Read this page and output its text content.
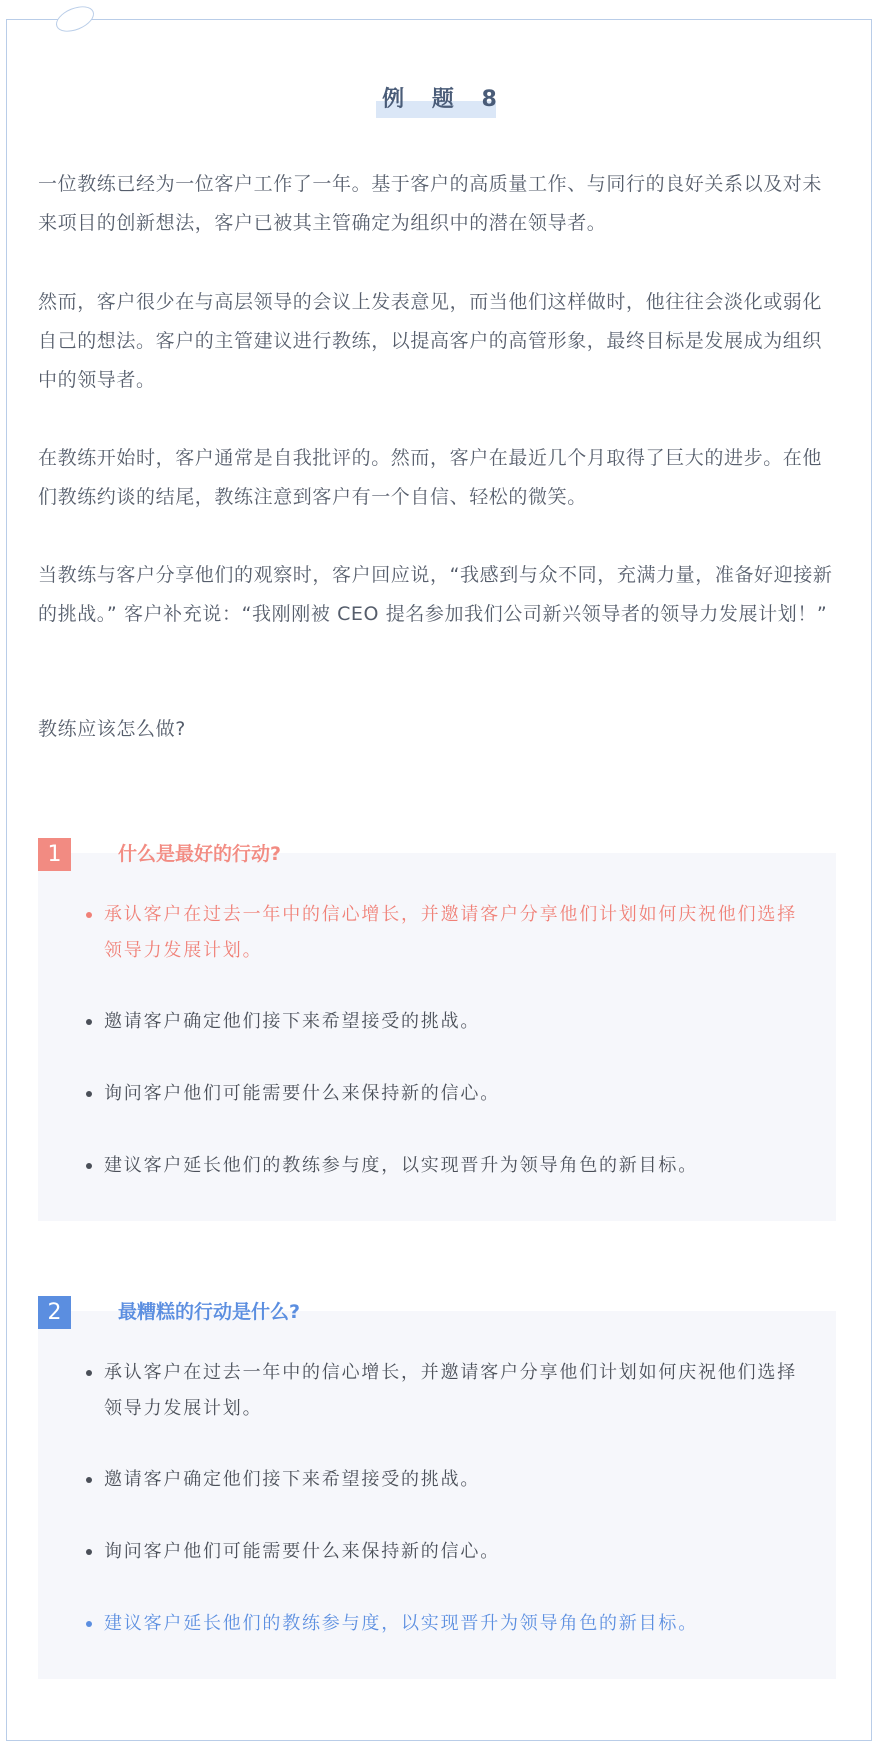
例 题 8

一位教练已经为一位客户工作了一年。基于客户的高质量工作、与同行的良好关系以及对未来项目的创新想法，客户已被其主管确定为组织中的潜在领导者。

然而，客户很少在与高层领导的会议上发表意见，而当他们这样做时，他往往会淡化或弱化自己的想法。客户的主管建议进行教练，以提高客户的高管形象，最终目标是发展成为组织中的领导者。

在教练开始时，客户通常是自我批评的。然而，客户在最近几个月取得了巨大的进步。在他们教练约谈的结尾，教练注意到客户有一个自信、轻松的微笑。

当教练与客户分享他们的观察时，客户回应说，“我感到与众不同，充满力量，准备好迎接新的挑战。” 客户补充说：“我刚刚被 CEO 提名参加我们公司新兴领导者的领导力发展计划！”

教练应该怎么做?

1	什么是最好的行动?
承认客户在过去一年中的信心增长，并邀请客户分享他们计划如何庆祝他们选择领导力发展计划。
邀请客户确定他们接下来希望接受的挑战。
询问客户他们可能需要什么来保持新的信心。
建议客户延长他们的教练参与度，以实现晋升为领导角色的新目标。
2	最糟糕的行动是什么?
承认客户在过去一年中的信心增长，并邀请客户分享他们计划如何庆祝他们选择领导力发展计划。
邀请客户确定他们接下来希望接受的挑战。
询问客户他们可能需要什么来保持新的信心。
建议客户延长他们的教练参与度，以实现晋升为领导角色的新目标。
